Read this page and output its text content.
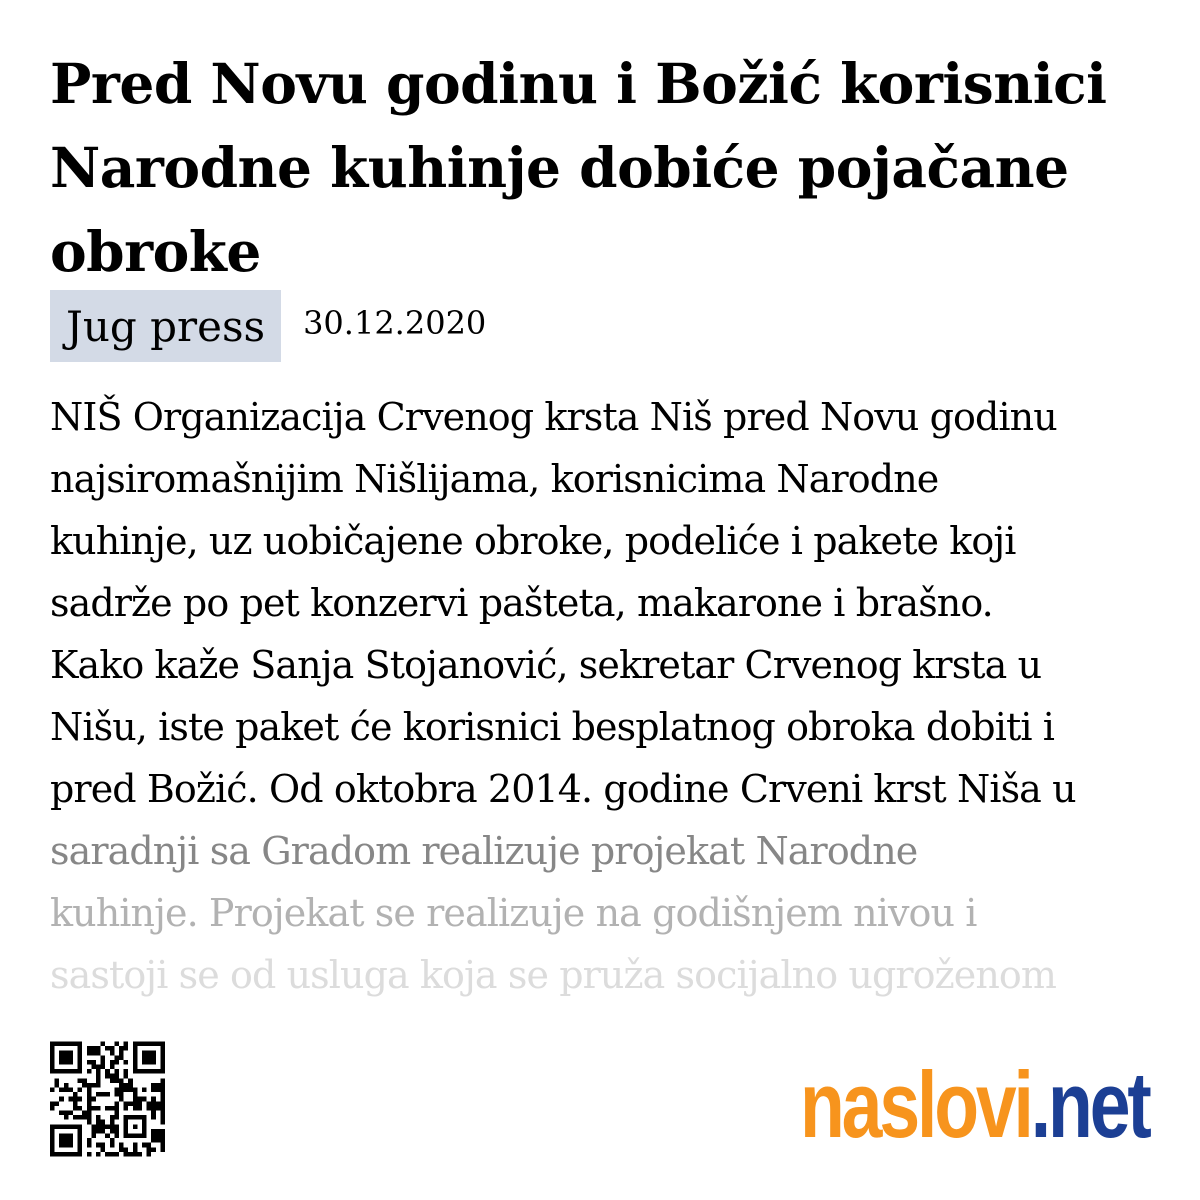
Pred Novu godinu i Božić korisnici Narodne kuhinje dobiće pojačane obroke
Jug press	30.12.2020
NIŠ Organizacija Crvenog krsta Niš pred Novu godinu
najsiromašnijim Nišlijama, korisnicima Narodne
kuhinje, uz uobičajene obroke, podeliće i pakete koji
sadrže po pet konzervi pašteta, makarone i brašno.
Kako kaže Sanja Stojanović, sekretar Crvenog krsta u
Nišu, iste paket će korisnici besplatnog obroka dobiti i
pred Božić. Od oktobra 2014. godine Crveni krst Niša u
saradnji sa Gradom realizuje projekat Narodne
kuhinje. Projekat se realizuje na godišnjem nivou i
sastoji se od usluga koja se pruža socijalno ugroženom
naslovi .net
